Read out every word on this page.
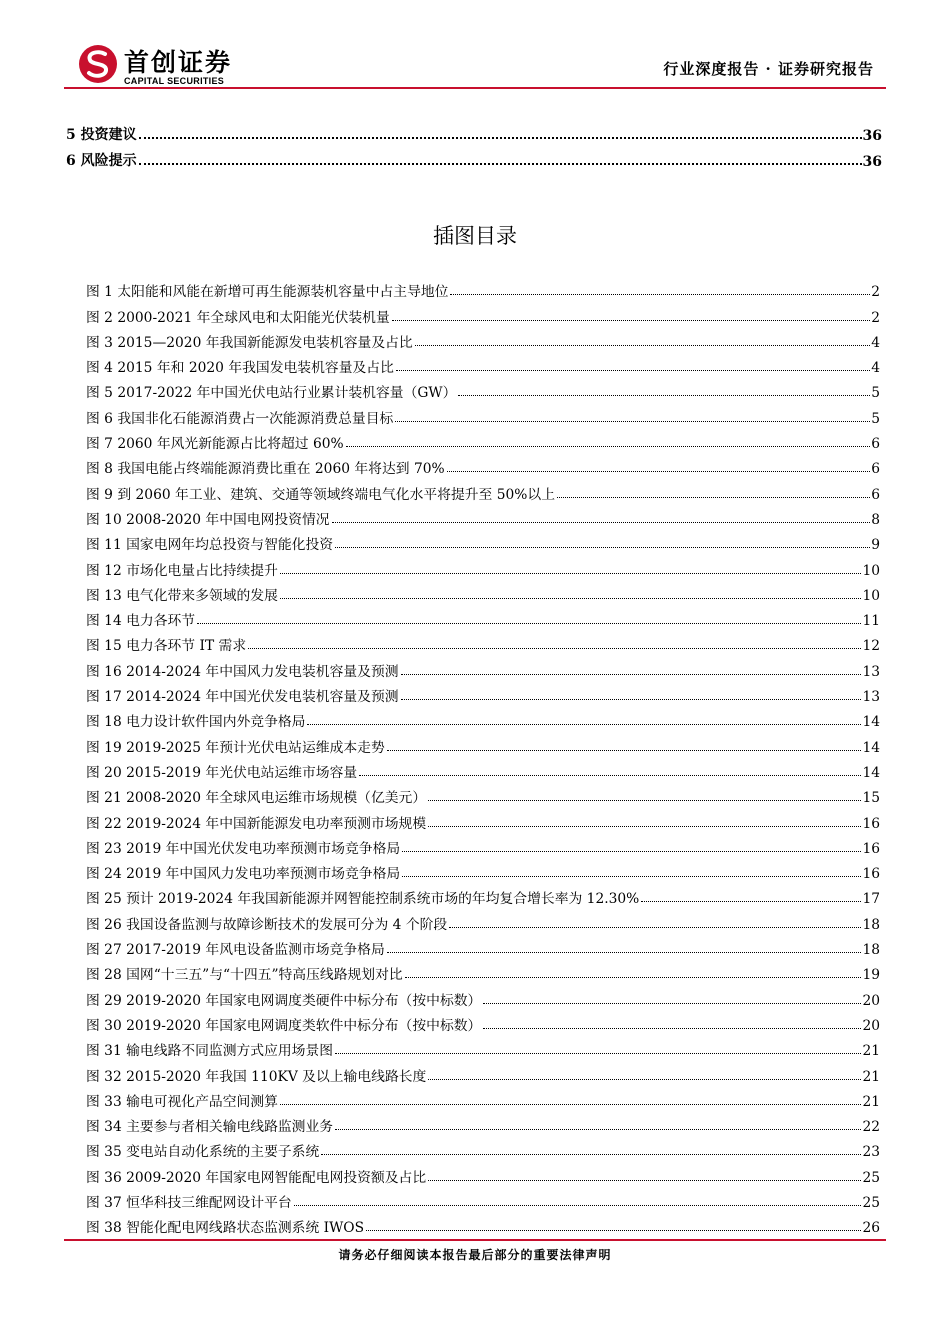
首创证券
CAPITAL SECURITIES
行业深度报告 · 证券研究报告
5 投资建议	36
6 风险提示	36
插图目录
图 1 太阳能和风能在新增可再生能源装机容量中占主导地位	2
图 2 2000-2021 年全球风电和太阳能光伏装机量	2
图 3 2015—2020 年我国新能源发电装机容量及占比	4
图 4 2015 年和 2020 年我国发电装机容量及占比	4
图 5 2017-2022 年中国光伏电站行业累计装机容量（GW）	5
图 6 我国非化石能源消费占一次能源消费总量目标	5
图 7 2060 年风光新能源占比将超过 60%	6
图 8 我国电能占终端能源消费比重在 2060 年将达到 70%	6
图 9 到 2060 年工业、建筑、交通等领域终端电气化水平将提升至 50%以上	6
图 10 2008-2020 年中国电网投资情况	8
图 11 国家电网年均总投资与智能化投资	9
图 12 市场化电量占比持续提升	10
图 13 电气化带来多领域的发展	10
图 14 电力各环节	11
图 15 电力各环节 IT 需求	12
图 16 2014-2024 年中国风力发电装机容量及预测	13
图 17 2014-2024 年中国光伏发电装机容量及预测	13
图 18 电力设计软件国内外竞争格局	14
图 19 2019-2025 年预计光伏电站运维成本走势	14
图 20 2015-2019 年光伏电站运维市场容量	14
图 21 2008-2020 年全球风电运维市场规模（亿美元）	15
图 22 2019-2024 年中国新能源发电功率预测市场规模	16
图 23 2019 年中国光伏发电功率预测市场竞争格局	16
图 24 2019 年中国风力发电功率预测市场竞争格局	16
图 25 预计 2019-2024 年我国新能源并网智能控制系统市场的年均复合增长率为 12.30%	17
图 26 我国设备监测与故障诊断技术的发展可分为 4 个阶段	18
图 27 2017-2019 年风电设备监测市场竞争格局	18
图 28 国网“十三五”与“十四五”特高压线路规划对比	19
图 29 2019-2020 年国家电网调度类硬件中标分布（按中标数）	20
图 30 2019-2020 年国家电网调度类软件中标分布（按中标数）	20
图 31 输电线路不同监测方式应用场景图	21
图 32 2015-2020 年我国 110KV 及以上输电线路长度	21
图 33 输电可视化产品空间测算	21
图 34 主要参与者相关输电线路监测业务	22
图 35 变电站自动化系统的主要子系统	23
图 36 2009-2020 年国家电网智能配电网投资额及占比	25
图 37 恒华科技三维配网设计平台	25
图 38 智能化配电网线路状态监测系统 IWOS	26
请务必仔细阅读本报告最后部分的重要法律声明
